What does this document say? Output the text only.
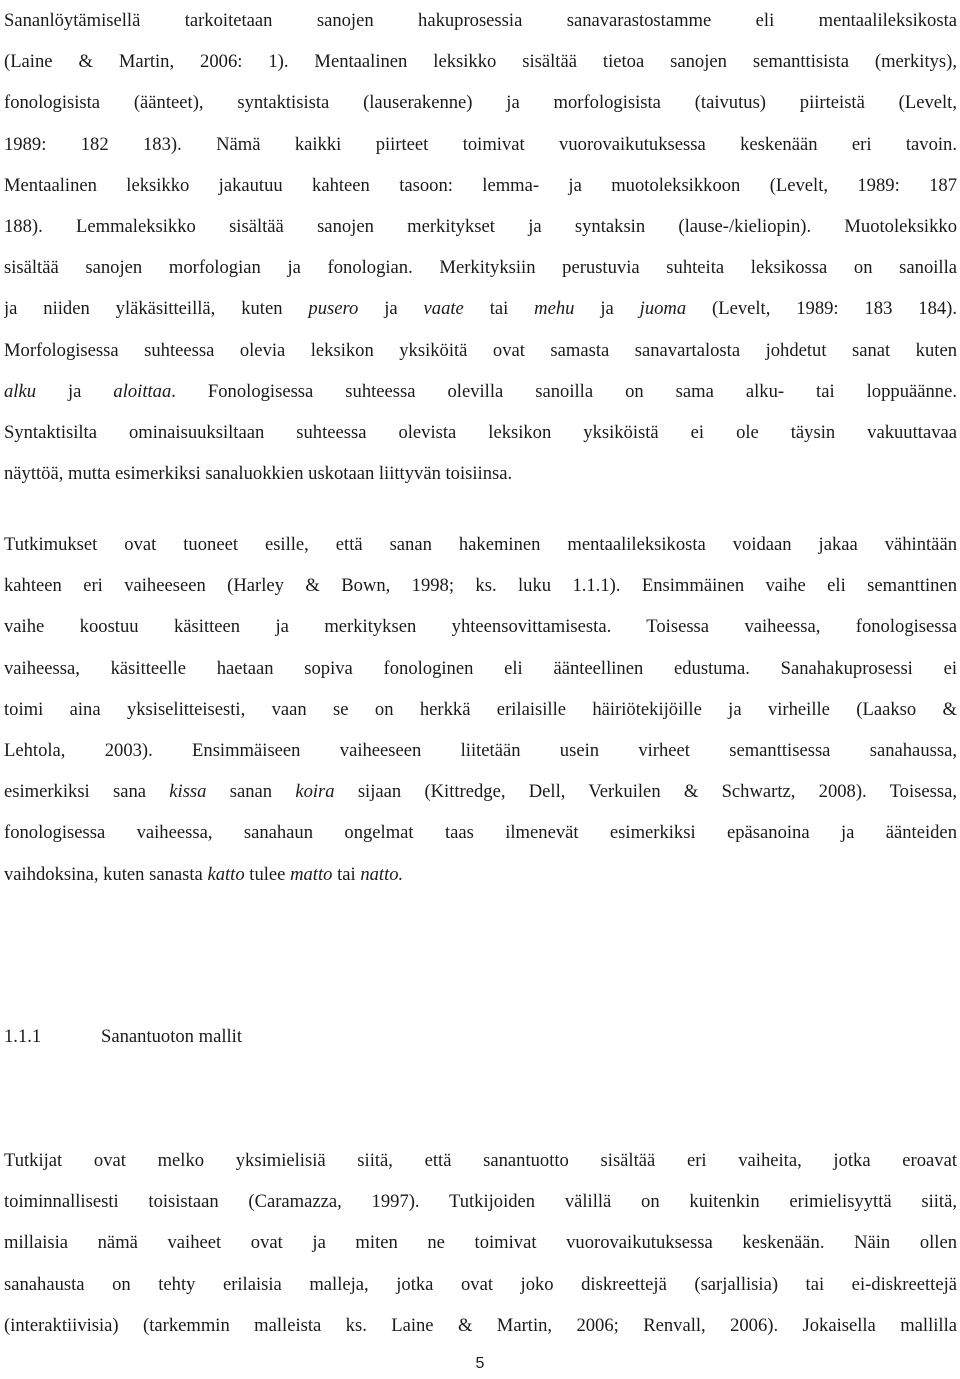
Sananlöytämisellä tarkoitetaan sanojen hakuprosessia sanavarastostamme eli mentaalileksikosta
(Laine & Martin, 2006: 1). Mentaalinen leksikko sisältää tietoa sanojen semanttisista (merkitys),
fonologisista (äänteet), syntaktisista (lauserakenne) ja morfologisista (taivutus) piirteistä (Levelt,
1989: 182 183). Nämä kaikki piirteet toimivat vuorovaikutuksessa keskenään eri tavoin.
Mentaalinen leksikko jakautuu kahteen tasoon: lemma- ja muotoleksikkoon (Levelt, 1989: 187
188). Lemmaleksikko sisältää sanojen merkitykset ja syntaksin (lause-/kieliopin). Muotoleksikko
sisältää sanojen morfologian ja fonologian. Merkityksiin perustuvia suhteita leksikossa on sanoilla
ja niiden yläkäsitteillä, kuten pusero ja vaate tai mehu ja juoma (Levelt, 1989: 183 184).
Morfologisessa suhteessa olevia leksikon yksiköitä ovat samasta sanavartalosta johdetut sanat kuten
alku ja aloittaa. Fonologisessa suhteessa olevilla sanoilla on sama alku- tai loppuäänne.
Syntaktisilta ominaisuuksiltaan suhteessa olevista leksikon yksiköistä ei ole täysin vakuuttavaa
näyttöä, mutta esimerkiksi sanaluokkien uskotaan liittyvän toisiinsa.
Tutkimukset ovat tuoneet esille, että sanan hakeminen mentaalileksikosta voidaan jakaa vähintään
kahteen eri vaiheeseen (Harley & Bown, 1998; ks. luku 1.1.1). Ensimmäinen vaihe eli semanttinen
vaihe koostuu käsitteen ja merkityksen yhteensovittamisesta. Toisessa vaiheessa, fonologisessa
vaiheessa, käsitteelle haetaan sopiva fonologinen eli äänteellinen edustuma. Sanahakuprosessi ei
toimi aina yksiselitteisesti, vaan se on herkkä erilaisille häiriötekijöille ja virheille (Laakso &
Lehtola, 2003). Ensimmäiseen vaiheeseen liitetään usein virheet semanttisessa sanahaussa,
esimerkiksi sana kissa sanan koira sijaan (Kittredge, Dell, Verkuilen & Schwartz, 2008). Toisessa,
fonologisessa vaiheessa, sanahaun ongelmat taas ilmenevät esimerkiksi epäsanoina ja äänteiden
vaihdoksina, kuten sanasta katto tulee matto tai natto.
1.1.1	Sanantuoton mallit
Tutkijat ovat melko yksimielisiä siitä, että sanantuotto sisältää eri vaiheita, jotka eroavat
toiminnallisesti toisistaan (Caramazza, 1997). Tutkijoiden välillä on kuitenkin erimielisyyttä siitä,
millaisia nämä vaiheet ovat ja miten ne toimivat vuorovaikutuksessa keskenään. Näin ollen
sanahausta on tehty erilaisia malleja, jotka ovat joko diskreettejä (sarjallisia) tai ei-diskreettejä
(interaktiivisia) (tarkemmin malleista ks. Laine & Martin, 2006; Renvall, 2006). Jokaisella mallilla
5
